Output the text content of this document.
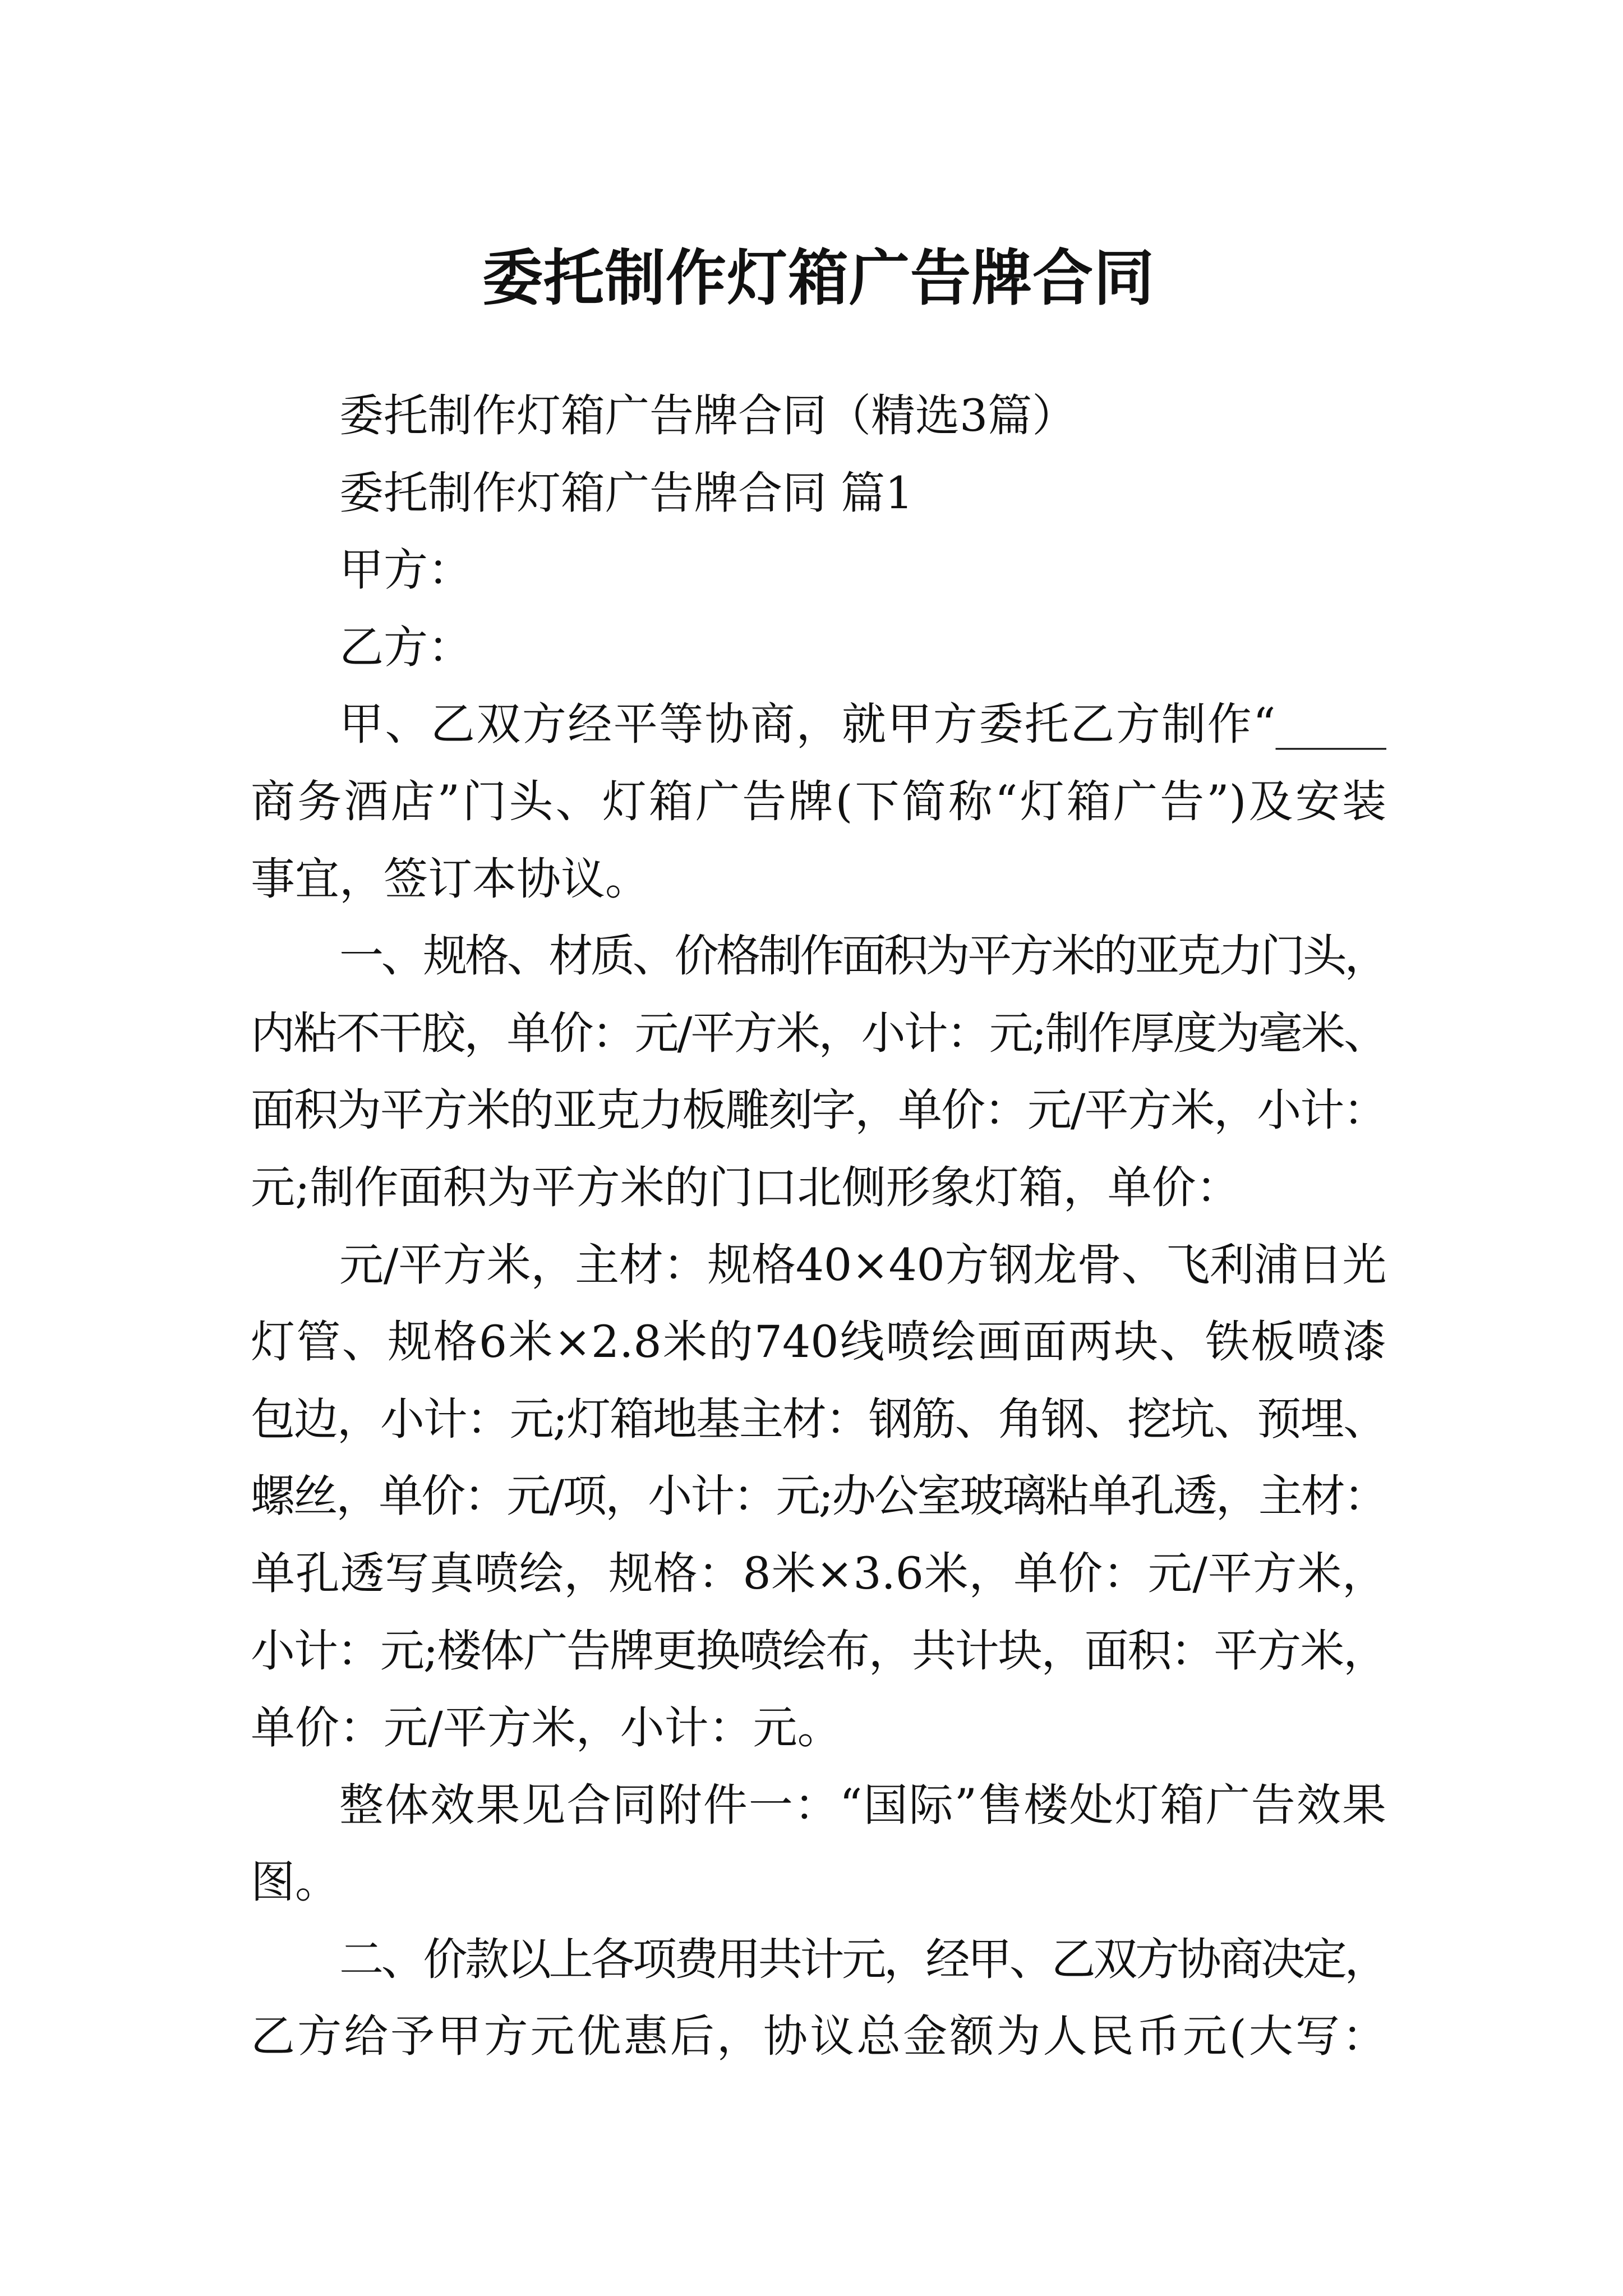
委托制作灯箱广告牌合同
委托制作灯箱广告牌合同（精选3篇）
委托制作灯箱广告牌合同 篇1
甲方：
乙方：
甲、乙双方经平等协商，就甲方委托乙方制作“_____
商务酒店”门头、灯箱广告牌(下简称“灯箱广告”)及安装
事宜，签订本协议。
一、规格、材质、价格制作面积为平方米的亚克力门头，
内粘不干胶，单价：元/平方米，小计：元;制作厚度为毫米、
面积为平方米的亚克力板雕刻字，单价：元/平方米，小计：
元;制作面积为平方米的门口北侧形象灯箱，单价：
元/平方米，主材：规格40×40方钢龙骨、飞利浦日光
灯管、规格6米×2.8米的740线喷绘画面两块、铁板喷漆
包边，小计：元;灯箱地基主材：钢筋、角钢、挖坑、预埋、
螺丝，单价：元/项，小计：元;办公室玻璃粘单孔透，主材：
单孔透写真喷绘，规格：8米×3.6米，单价：元/平方米，
小计：元;楼体广告牌更换喷绘布，共计块，面积：平方米，
单价：元/平方米，小计：元。
整体效果见合同附件一：“国际”售楼处灯箱广告效果
图。
二、价款以上各项费用共计元，经甲、乙双方协商决定，
乙方给予甲方元优惠后，协议总金额为人民币元(大写：
